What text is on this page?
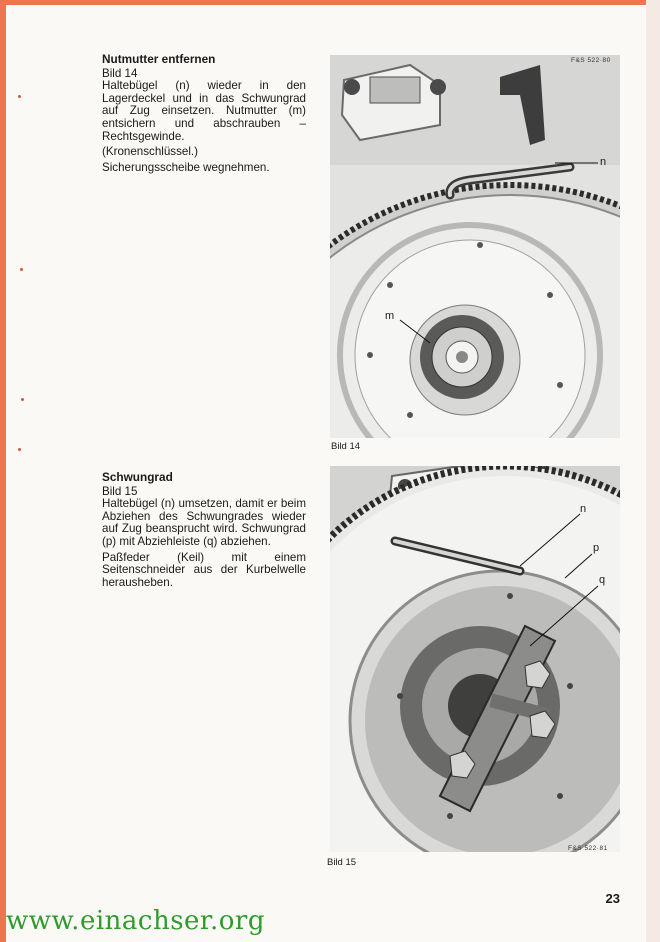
Nutmutter entfernen

Bild 14

Haltebügel (n) wieder in den Lagerdeckel und in das Schwungrad auf Zug einsetzen. Nutmutter (m) entsichern und abschrauben – Rechtsgewinde.

(Kronenschlüssel.)

Sicherungsscheibe wegnehmen.

Schwungrad

Bild 15

Haltebügel (n) umsetzen, damit er beim Abziehen des Schwungrades wieder auf Zug beansprucht wird. Schwungrad (p) mit Abziehleiste (q) abziehen.

Paßfeder (Keil) mit einem Seitenschneider aus der Kurbelwelle herausheben.

F&S 522·80
n
m
Bild 14
n
p
q
F&S 522·81
Bild 15
23
www.einachser.org
